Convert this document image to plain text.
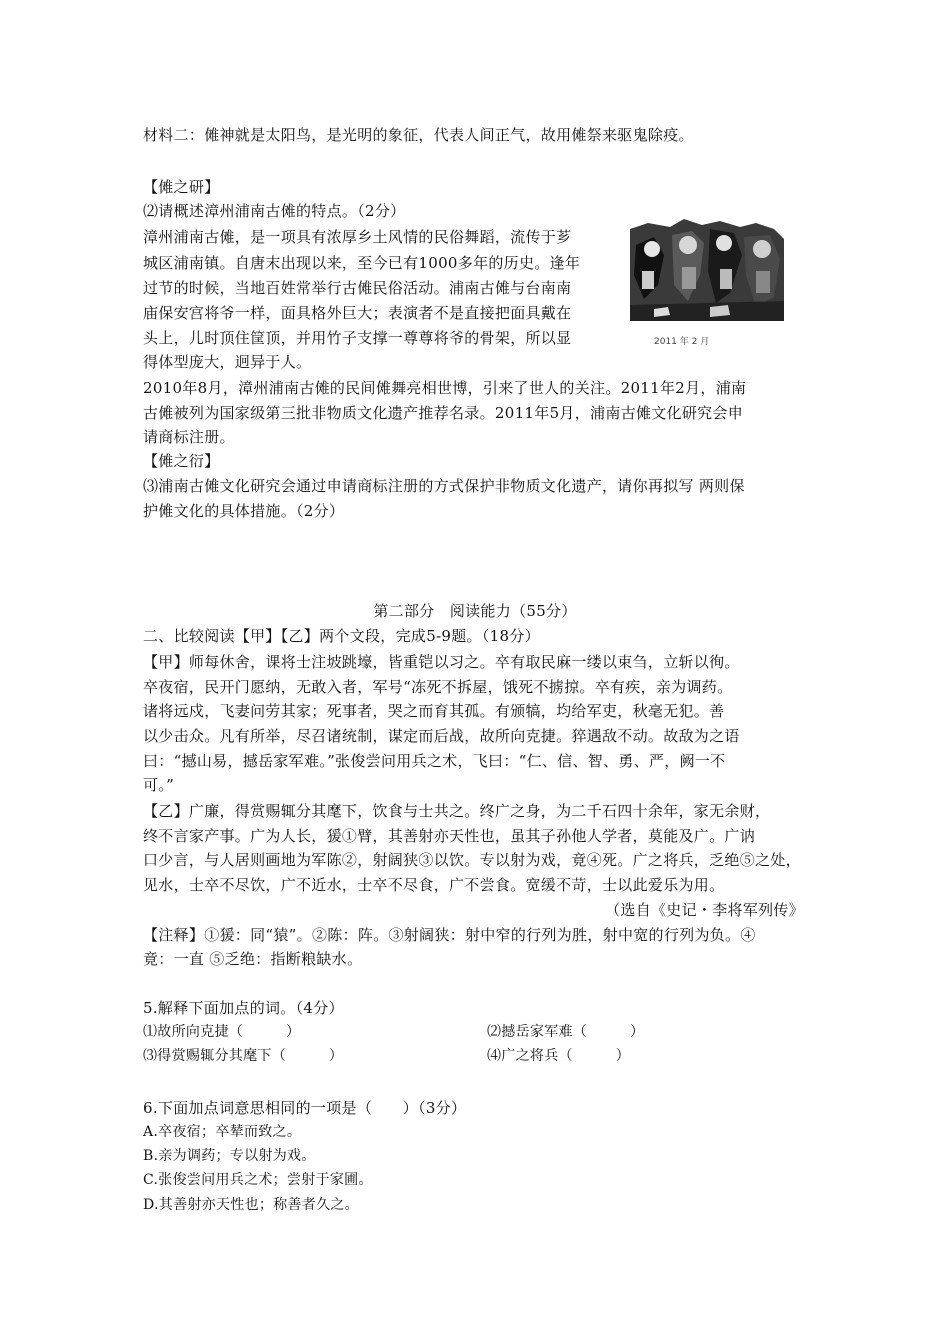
材料二：傩神就是太阳鸟，是光明的象征，代表人间正气，故用傩祭来驱鬼除疫。
【傩之研】
⑵请概述漳州浦南古傩的特点。（2分）
漳州浦南古傩，是一项具有浓厚乡土风情的民俗舞蹈，流传于芗
城区浦南镇。自唐末出现以来，至今已有1000多年的历史。逢年
过节的时候，当地百姓常举行古傩民俗活动。浦南古傩与台南南
庙保安宫将爷一样，面具格外巨大；表演者不是直接把面具戴在
头上，儿时顶住筐顶，并用竹子支撑一尊尊将爷的骨架，所以显
得体型庞大，迥异于人。
2011 年 2 月
2010年8月，漳州浦南古傩的民间傩舞亮相世博，引来了世人的关注。2011年2月，浦南
古傩被列为国家级第三批非物质文化遗产推荐名录。2011年5月，浦南古傩文化研究会申
请商标注册。
【傩之衍】
⑶浦南古傩文化研究会通过申请商标注册的方式保护非物质文化遗产，请你再拟写 两则保
护傩文化的具体措施。（2分）
第二部分　阅读能力（55分）
二、比较阅读【甲】【乙】两个文段，完成5-9题。（18分）
【甲】师每休舍，课将士注坡跳壕，皆重铠以习之。卒有取民麻一缕以束刍，立斩以徇。
卒夜宿，民开门愿纳，无敢入者，军号“冻死不拆屋，饿死不掳掠。卒有疾，亲为调药。
诸将远戍，飞妻问劳其家；死事者，哭之而育其孤。有颁犒，均给军吏，秋毫无犯。善
以少击众。凡有所举，尽召诸统制，谋定而后战，故所向克捷。猝遇敌不动。故敌为之语
曰：“撼山易，撼岳家军难。”张俊尝问用兵之术，飞曰：“仁、信、智、勇、严，阙一不
可。”
【乙】广廉，得赏赐辄分其麾下，饮食与士共之。终广之身，为二千石四十余年，家无余财，
终不言家产事。广为人长，猨①臂，其善射亦天性也，虽其子孙他人学者，莫能及广。广讷
口少言，与人居则画地为军陈②，射阔狭③以饮。专以射为戏，竟④死。广之将兵，乏绝⑤之处，
见水，士卒不尽饮，广不近水，士卒不尽食，广不尝食。宽缓不苛，士以此爱乐为用。
（选自《史记・李将军列传》
【注释】①猨：同“猿”。②陈：阵。③射阔狭：射中窄的行列为胜，射中宽的行列为负。④
竟：一直 ⑤乏绝：指断粮缺水。
5.解释下面加点的词。（4分）
⑴故所向克捷（　　　）	⑵撼岳家军难（　　　）
⑶得赏赐辄分其麾下（　　　）	⑷广之将兵（　　　）
6.下面加点词意思相同的一项是（　　）（3分）
A.卒夜宿；卒辇而致之。
B.亲为调药；专以射为戏。
C.张俊尝问用兵之术；尝射于家圃。
D.其善射亦天性也；称善者久之。
